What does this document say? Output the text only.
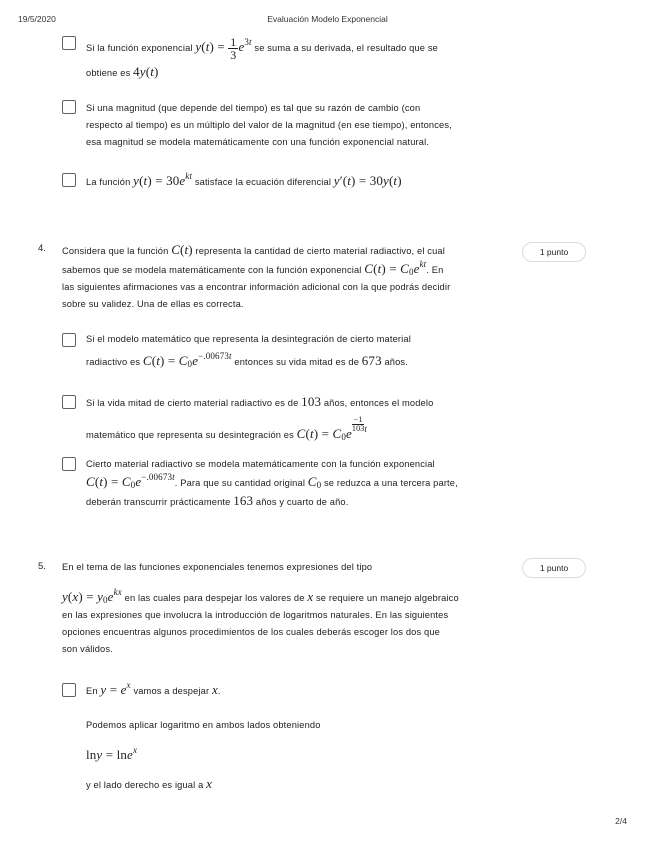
19/5/2020	Evaluación Modelo Exponencial
Si la función exponencial $y(t) = \frac{1}{3} e^{3t}$ se suma a su derivada, el resultado que se
obtiene es 4y(t)
Si una magnitud (que depende del tiempo) es tal que su razón de cambio (con
respecto al tiempo) es un múltiplo del valor de la magnitud (en ese tiempo), entonces,
esa magnitud se modela matemáticamente con una función exponencial natural.
La función $y(t) = 30e^{kt}$ satisface la ecuación diferencial y′(t) = 30y(t)
4.	1 punto
Considera que la función C(t) representa la cantidad de cierto material radiactivo, el cual
sabemos que se modela matemáticamente con la función exponencial $C(t) = C_0e^{kt}$. En
las siguientes afirmaciones vas a encontrar información adicional con la que podrás decidir
sobre su validez. Una de ellas es correcta.
Si el modelo matemático que representa la desintegración de cierto material
radiactivo es $C(t) = C_0e^{-.00673t}$ entonces su vida mitad es de 673 años.
Si la vida mitad de cierto material radiactivo es de 103 años, entonces el modelo
matemático que representa su desintegración es $C(t) = C_0e$
$\frac{-1}{103} ^t$
Cierto material radiactivo se modela matemáticamente con la función exponencial
$C(t) = C_0e^{-.00673t}$. Para que su cantidad original $C_0$ se reduzca a una tercera parte,
deberán transcurrir prácticamente 163 años y cuarto de año.
5.	1 punto
En el tema de las funciones exponenciales tenemos expresiones del tipo
$y(x) = y_0e^{kx}$ en las cuales para despejar los valores de x se requiere un manejo algebraico
en las expresiones que involucra la introducción de logaritmos naturales. En las siguientes
opciones encuentras algunos procedimientos de los cuales deberás escoger los dos que
son válidos.
En $y = e^x$ vamos a despejar x.
Podemos aplicar logaritmo en ambos lados obteniendo
lny = lne$^x$
y el lado derecho es igual a x
2/4
